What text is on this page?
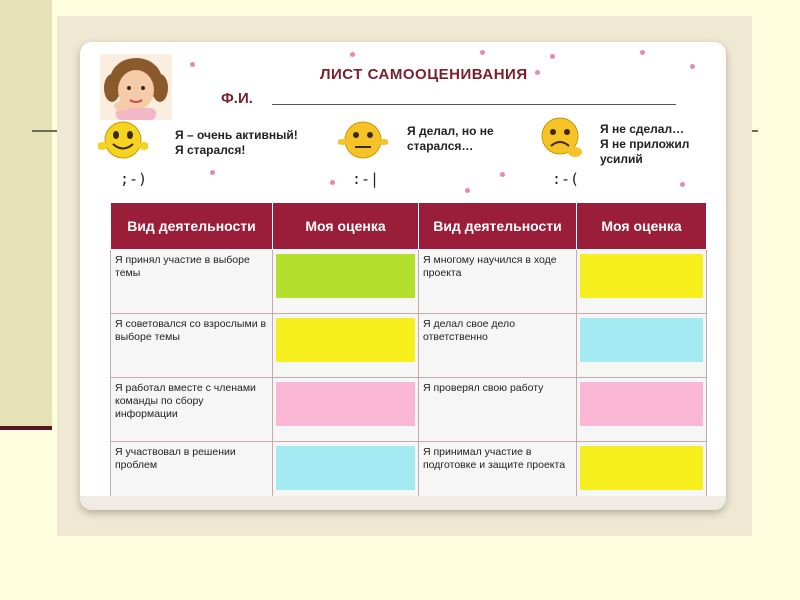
ЛИСТ САМООЦЕНИВАНИЯ
Ф.И.
Я – очень активный!
Я старался!
;-)
Я делал, но не
старался…
:-|
Я не сделал…
Я не приложил
усилий
:-(
Вид деятельности	Моя оценка	Вид деятельности	Моя оценка
Я принял участие в выборе темы		Я многому научился в ходе проекта	

Я советовался со взрослыми в выборе темы		Я делал свое дело ответственно	

Я работал вместе с членами команды по сбору информации		Я проверял свою работу	

Я участвовал в решении проблем		Я принимал участие в подготовке и защите проекта	
